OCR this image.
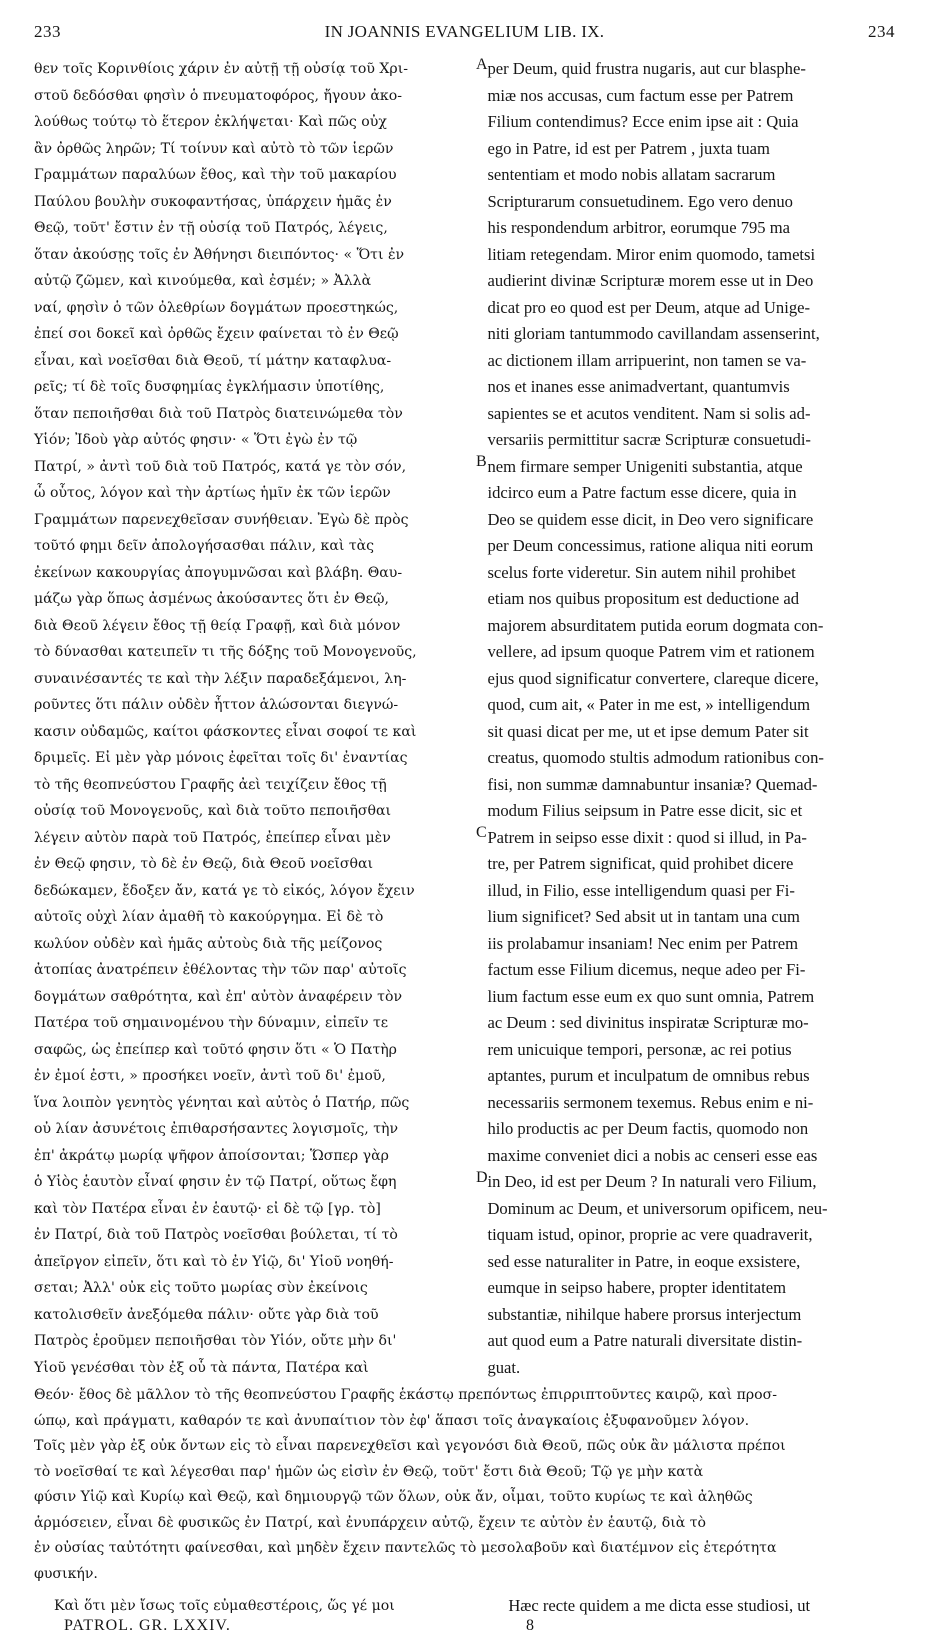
233	IN JOANNIS EVANGELIUM LIB. IX.	234
θεν τοῖς Κορινθίοις χάριν ἐν αὐτῇ τῇ οὐσίᾳ τοῦ Χρι-
στοῦ δεδόσθαι φησὶν ὁ πνευματοφόρος, ἤγουν ἀκο-
λούθως τούτῳ τὸ ἕτερον ἐκλήψεται· Καὶ πῶς οὐχ
ἂν ὀρθῶς ληρῶν; Τί τοίνυν καὶ αὐτὸ τὸ τῶν ἱερῶν
Γραμμάτων παραλύων ἔθος, καὶ τὴν τοῦ μακαρίου
Παύλου βουλὴν συκοφαντήσας, ὑπάρχειν ἡμᾶς ἐν
Θεῷ, τοῦτ' ἔστιν ἐν τῇ οὐσίᾳ τοῦ Πατρός, λέγεις,
ὅταν ἀκούσῃς τοῖς ἐν Ἀθήνησι διειπόντος· « Ὅτι ἐν
αὐτῷ ζῶμεν, καὶ κινούμεθα, καὶ ἐσμέν; » Ἀλλὰ
ναί, φησὶν ὁ τῶν ὀλεθρίων δογμάτων προεστηκώς,
ἐπεί σοι δοκεῖ καὶ ὀρθῶς ἔχειν φαίνεται τὸ ἐν Θεῷ
εἶναι, καὶ νοεῖσθαι διὰ Θεοῦ, τί μάτην καταφλυα-
ρεῖς; τί δὲ τοῖς δυσφημίας ἐγκλήμασιν ὑποτίθης,
ὅταν πεποιῆσθαι διὰ τοῦ Πατρὸς διατεινώμεθα τὸν
Υἱόν; Ἰδοὺ γὰρ αὐτός φησιν· « Ὅτι ἐγὼ ἐν τῷ
Πατρί, » ἀντὶ τοῦ διὰ τοῦ Πατρός, κατά γε τὸν σόν,
ὦ οὗτος, λόγον καὶ τὴν ἀρτίως ἡμῖν ἐκ τῶν ἱερῶν
Γραμμάτων παρενεχθεῖσαν συνήθειαν. Ἐγὼ δὲ πρὸς
τοῦτό φημι δεῖν ἀπολογήσασθαι πάλιν, καὶ τὰς
ἐκείνων κακουργίας ἀπογυμνῶσαι καὶ βλάβη. Θαυ-
μάζω γὰρ ὅπως ἀσμένως ἀκούσαντες ὅτι ἐν Θεῷ,
διὰ Θεοῦ λέγειν ἔθος τῇ θείᾳ Γραφῇ, καὶ διὰ μόνον
τὸ δύνασθαι κατειπεῖν τι τῆς δόξης τοῦ Μονογενοῦς,
συναινέσαντές τε καὶ τὴν λέξιν παραδεξάμενοι, λη-
ροῦντες ὅτι πάλιν οὐδὲν ἧττον ἁλώσονται διεγνώ-
κασιν οὐδαμῶς, καίτοι φάσκοντες εἶναι σοφοί τε καὶ
δριμεῖς. Εἰ μὲν γὰρ μόνοις ἐφεῖται τοῖς δι' ἐναντίας
τὸ τῆς θεοπνεύστου Γραφῆς ἀεὶ τειχίζειν ἔθος τῇ
οὐσίᾳ τοῦ Μονογενοῦς, καὶ διὰ τοῦτο πεποιῆσθαι
λέγειν αὐτὸν παρὰ τοῦ Πατρός, ἐπείπερ εἶναι μὲν
ἐν Θεῷ φησιν, τὸ δὲ ἐν Θεῷ, διὰ Θεοῦ νοεῖσθαι
δεδώκαμεν, ἔδοξεν ἄν, κατά γε τὸ εἰκός, λόγον ἔχειν
αὐτοῖς οὐχὶ λίαν ἀμαθῆ τὸ κακούργημα. Εἰ δὲ τὸ
κωλύον οὐδὲν καὶ ἡμᾶς αὐτοὺς διὰ τῆς μείζονος
ἀτοπίας ἀνατρέπειν ἐθέλοντας τὴν τῶν παρ' αὐτοῖς
δογμάτων σαθρότητα, καὶ ἐπ' αὐτὸν ἀναφέρειν τὸν
Πατέρα τοῦ σημαινομένου τὴν δύναμιν, εἰπεῖν τε
σαφῶς, ὡς ἐπείπερ καὶ τοῦτό φησιν ὅτι « Ὁ Πατὴρ
ἐν ἐμοί ἐστι, » προσήκει νοεῖν, ἀντὶ τοῦ δι' ἐμοῦ,
ἵνα λοιπὸν γενητὸς γένηται καὶ αὐτὸς ὁ Πατήρ, πῶς
οὐ λίαν ἀσυνέτοις ἐπιθαρσήσαντες λογισμοῖς, τὴν
ἐπ' ἀκράτῳ μωρίᾳ ψῆφον ἀποίσονται; Ὥσπερ γὰρ
ὁ Υἱὸς ἑαυτὸν εἶναί φησιν ἐν τῷ Πατρί, οὕτως ἔφη
καὶ τὸν Πατέρα εἶναι ἐν ἑαυτῷ· εἰ δὲ τῷ [γρ. τὸ]
ἐν Πατρί, διὰ τοῦ Πατρὸς νοεῖσθαι βούλεται, τί τὸ
ἀπεῖργον εἰπεῖν, ὅτι καὶ τὸ ἐν Υἱῷ, δι' Υἱοῦ νοηθή-
σεται; Ἀλλ' οὐκ εἰς τοῦτο μωρίας σὺν ἐκείνοις
κατολισθεῖν ἀνεξόμεθα πάλιν· οὔτε γὰρ διὰ τοῦ
Πατρὸς ἐροῦμεν πεποιῆσθαι τὸν Υἱόν, οὔτε μὴν δι'
Υἱοῦ γενέσθαι τὸν ἐξ οὗ τὰ πάντα, Πατέρα καὶ
A
B
C
D
per Deum, quid frustra nugaris, aut cur blasphe-
miæ nos accusas, cum factum esse per Patrem
Filium contendimus? Ecce enim ipse ait : Quia
ego in Patre, id est per Patrem , juxta tuam
sententiam et modo nobis allatam sacrarum
Scripturarum consuetudinem. Ego vero denuo
his respondendum arbitror, eorumque 795 ma
litiam retegendam. Miror enim quomodo, tametsi
audierint divinæ Scripturæ morem esse ut in Deo
dicat pro eo quod est per Deum, atque ad Unige-
niti gloriam tantummodo cavillandam assenserint,
ac dictionem illam arripuerint, non tamen se va-
nos et inanes esse animadvertant, quantumvis
sapientes se et acutos venditent. Nam si solis ad-
versariis permittitur sacræ Scripturæ consuetudi-
nem firmare semper Unigeniti substantia, atque
idcirco eum a Patre factum esse dicere, quia in
Deo se quidem esse dicit, in Deo vero significare
per Deum concessimus, ratione aliqua niti eorum
scelus forte videretur. Sin autem nihil prohibet
etiam nos quibus propositum est deductione ad
majorem absurditatem putida eorum dogmata con-
vellere, ad ipsum quoque Patrem vim et rationem
ejus quod significatur convertere, clareque dicere,
quod, cum ait, « Pater in me est, » intelligendum
sit quasi dicat per me, ut et ipse demum Pater sit
creatus, quomodo stultis admodum rationibus con-
fisi, non summæ damnabuntur insaniæ? Quemad-
modum Filius seipsum in Patre esse dicit, sic et
Patrem in seipso esse dixit : quod si illud, in Pa-
tre, per Patrem significat, quid prohibet dicere
illud, in Filio, esse intelligendum quasi per Fi-
lium significet? Sed absit ut in tantam una cum
iis prolabamur insaniam! Nec enim per Patrem
factum esse Filium dicemus, neque adeo per Fi-
lium factum esse eum ex quo sunt omnia, Patrem
ac Deum : sed divinitus inspiratæ Scripturæ mo-
rem unicuique tempori, personæ, ac rei potius
aptantes, purum et inculpatum de omnibus rebus
necessariis sermonem texemus. Rebus enim e ni-
hilo productis ac per Deum factis, quomodo non
maxime conveniet dici a nobis ac censeri esse eas
in Deo, id est per Deum ? In naturali vero Filium,
Dominum ac Deum, et universorum opificem, neu-
tiquam istud, opinor, proprie ac vere quadraverit,
sed esse naturaliter in Patre, in eoque exsistere,
eumque in seipso habere, propter identitatem
substantiæ, nihilque habere prorsus interjectum
aut quod eum a Patre naturali diversitate distin-
guat.
Θεόν· ἔθος δὲ μᾶλλον τὸ τῆς θεοπνεύστου Γραφῆς ἑκάστῳ πρεπόντως ἐπιρριπτοῦντες καιρῷ, καὶ προσ-
ώπῳ, καὶ πράγματι, καθαρόν τε καὶ ἀνυπαίτιον τὸν ἐφ' ἅπασι τοῖς ἀναγκαίοις ἐξυφανοῦμεν λόγον.
Τοῖς μὲν γὰρ ἐξ οὐκ ὄντων εἰς τὸ εἶναι παρενεχθεῖσι καὶ γεγονόσι διὰ Θεοῦ, πῶς οὐκ ἂν μάλιστα πρέποι
τὸ νοεῖσθαί τε καὶ λέγεσθαι παρ' ἡμῶν ὡς εἰσὶν ἐν Θεῷ, τοῦτ' ἔστι διὰ Θεοῦ; Τῷ γε μὴν κατὰ
φύσιν Υἱῷ καὶ Κυρίῳ καὶ Θεῷ, καὶ δημιουργῷ τῶν ὅλων, οὐκ ἄν, οἶμαι, τοῦτο κυρίως τε καὶ ἀληθῶς
ἁρμόσειεν, εἶναι δὲ φυσικῶς ἐν Πατρί, καὶ ἐνυπάρχειν αὐτῷ, ἔχειν τε αὐτὸν ἐν ἑαυτῷ, διὰ τὸ
ἐν οὐσίας ταὐτότητι φαίνεσθαι, καὶ μηδὲν ἔχειν παντελῶς τὸ μεσολαβοῦν καὶ διατέμνον εἰς ἑτερότητα
φυσικήν.
Καὶ ὅτι μὲν ἴσως τοῖς εὐμαθεστέροις, ὥς γέ μοι	Hæc recte quidem a me dicta esse studiosi, ut
PATROL. GR. LXXIV.	8
